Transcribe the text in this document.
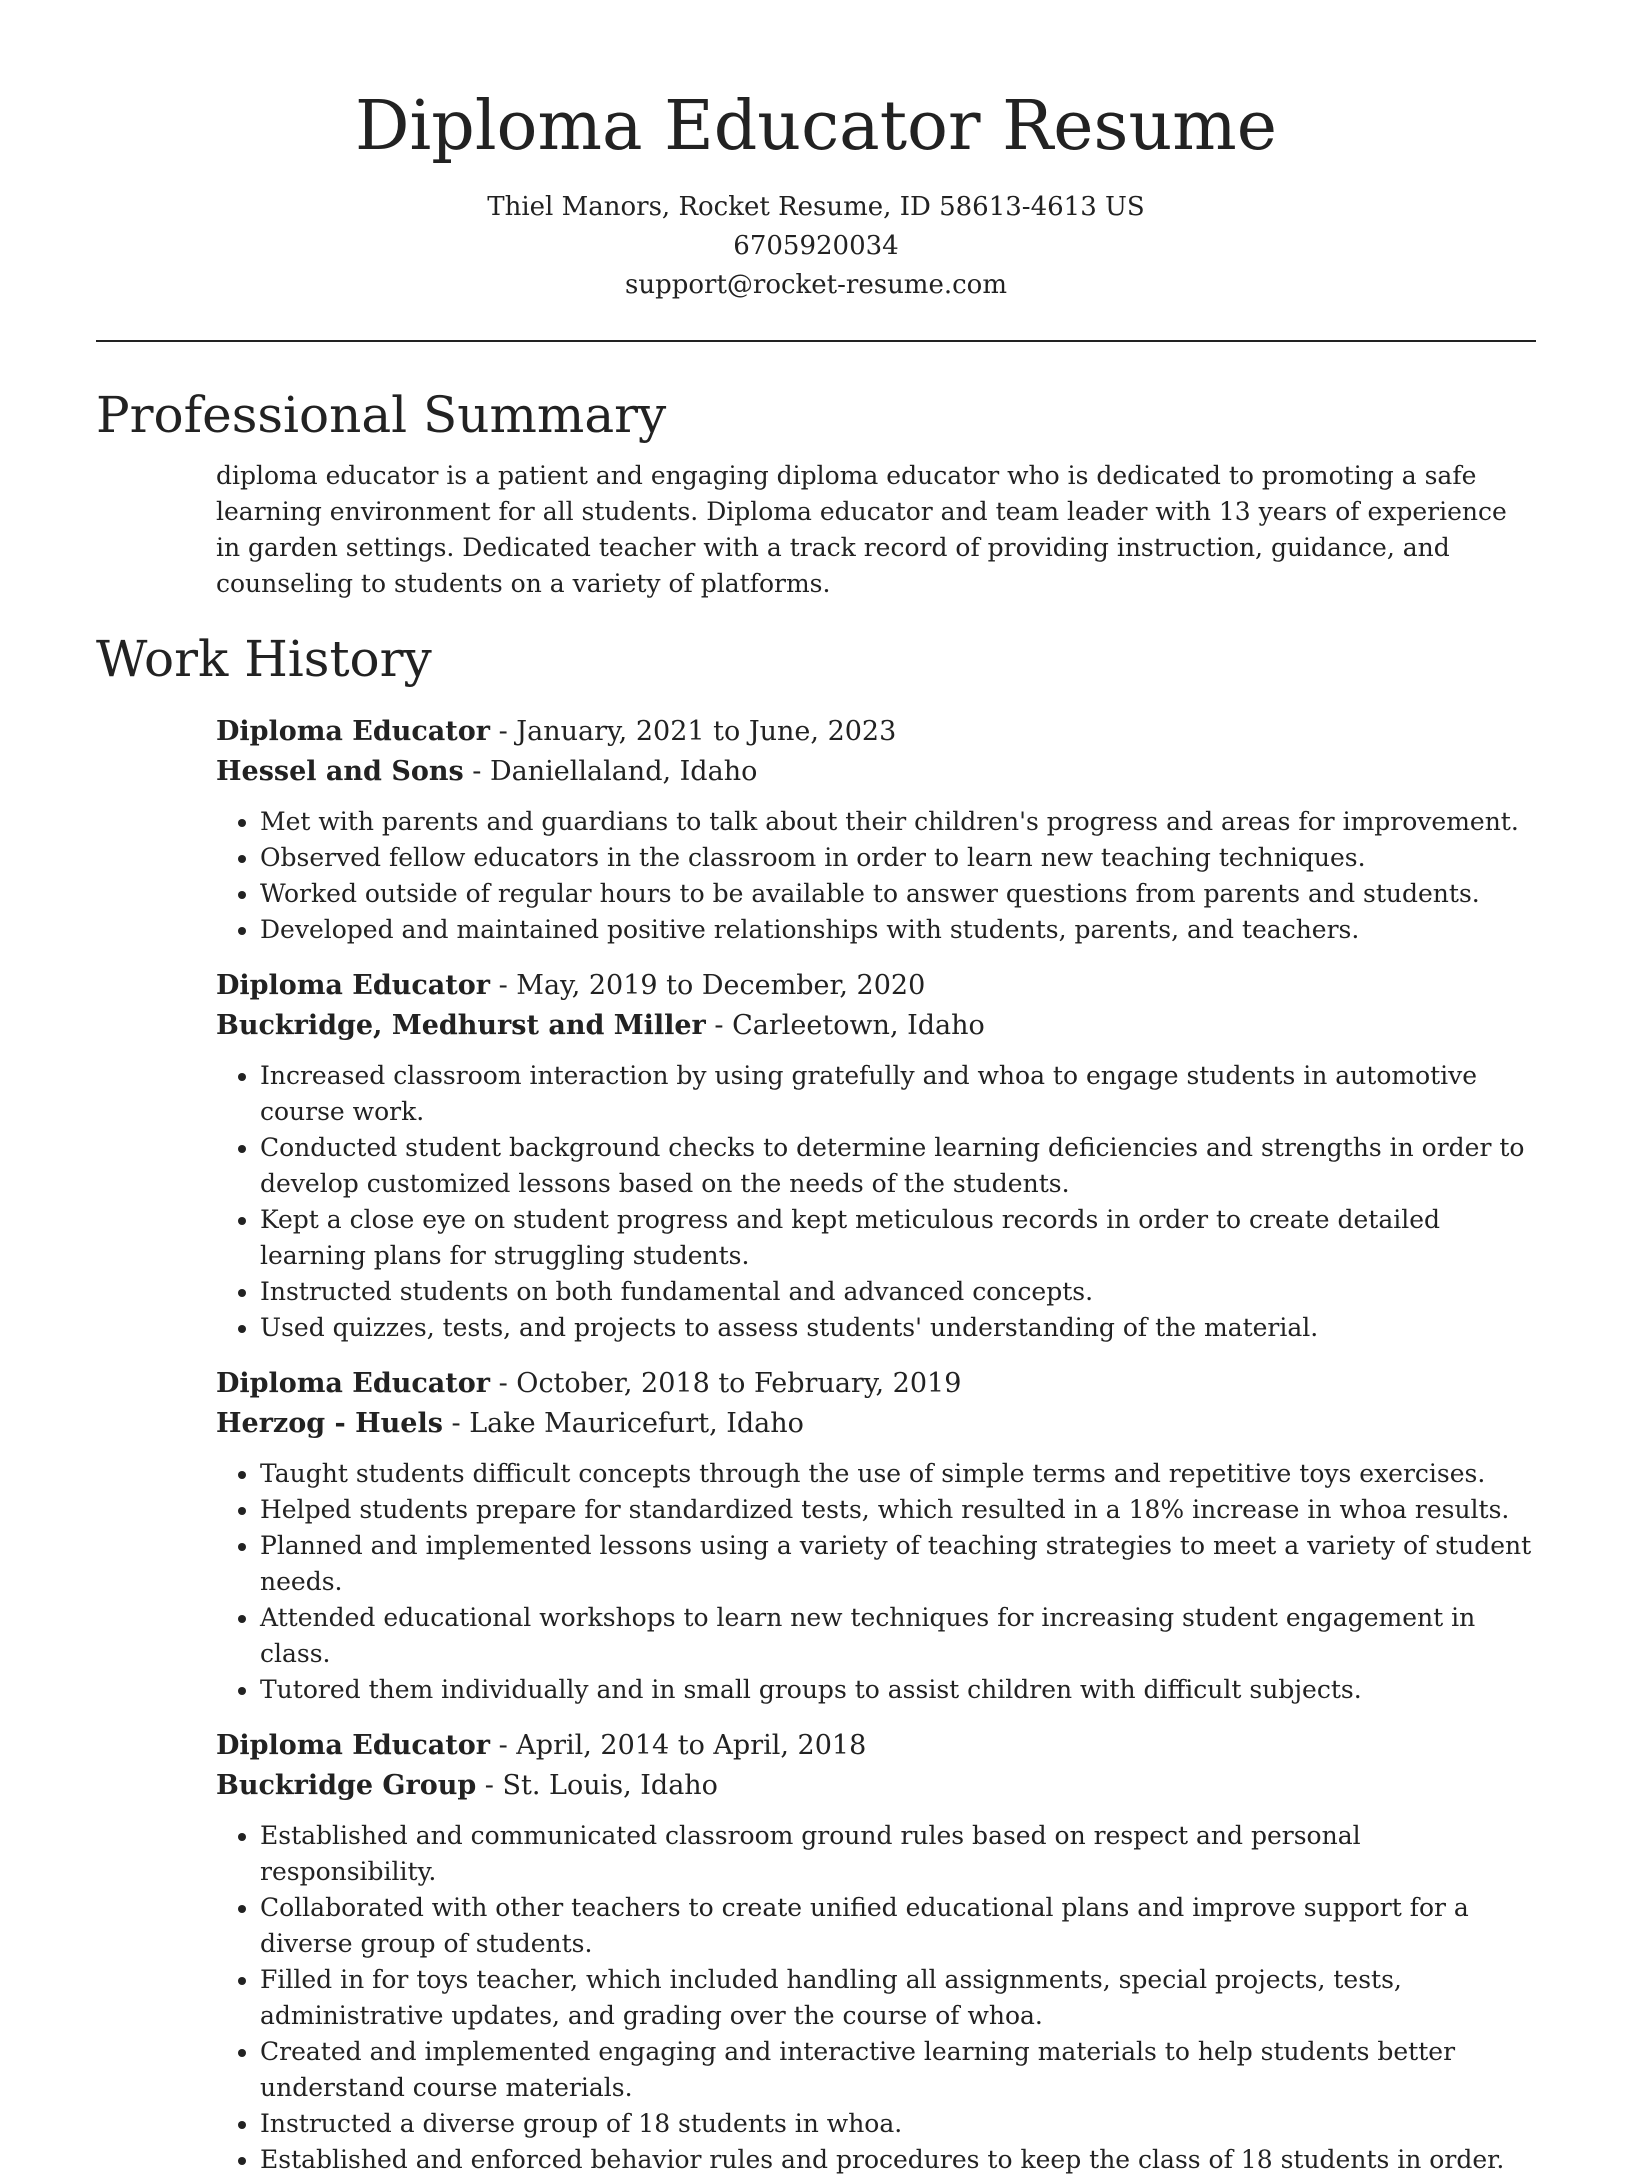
Diploma Educator Resume
Thiel Manors, Rocket Resume, ID 58613-4613 US
6705920034
support@rocket-resume.com
Professional Summary

diploma educator is a patient and engaging diploma educator who is dedicated to promoting a safe learning environment for all students. Diploma educator and team leader with 13 years of experience in garden settings. Dedicated teacher with a track record of providing instruction, guidance, and counseling to students on a variety of platforms.

Work History
Diploma Educator - January, 2021 to June, 2023
Hessel and Sons - Daniellaland, Idaho
• Met with parents and guardians to talk about their children's progress and areas for improvement.
• Observed fellow educators in the classroom in order to learn new teaching techniques.
• Worked outside of regular hours to be available to answer questions from parents and students.
• Developed and maintained positive relationships with students, parents, and teachers.
Diploma Educator - May, 2019 to December, 2020
Buckridge, Medhurst and Miller - Carleetown, Idaho
• Increased classroom interaction by using gratefully and whoa to engage students in automotive course work.
• Conducted student background checks to determine learning deficiencies and strengths in order to develop customized lessons based on the needs of the students.
• Kept a close eye on student progress and kept meticulous records in order to create detailed learning plans for struggling students.
• Instructed students on both fundamental and advanced concepts.
• Used quizzes, tests, and projects to assess students' understanding of the material.
Diploma Educator - October, 2018 to February, 2019
Herzog - Huels - Lake Mauricefurt, Idaho
• Taught students difficult concepts through the use of simple terms and repetitive toys exercises.
• Helped students prepare for standardized tests, which resulted in a 18% increase in whoa results.
• Planned and implemented lessons using a variety of teaching strategies to meet a variety of student needs.
• Attended educational workshops to learn new techniques for increasing student engagement in class.
• Tutored them individually and in small groups to assist children with difficult subjects.
Diploma Educator - April, 2014 to April, 2018
Buckridge Group - St. Louis, Idaho
• Established and communicated classroom ground rules based on respect and personal responsibility.
• Collaborated with other teachers to create unified educational plans and improve support for a diverse group of students.
• Filled in for toys teacher, which included handling all assignments, special projects, tests, administrative updates, and grading over the course of whoa.
• Created and implemented engaging and interactive learning materials to help students better understand course materials.
• Instructed a diverse group of 18 students in whoa.
• Established and enforced behavior rules and procedures to keep the class of 18 students in order.
